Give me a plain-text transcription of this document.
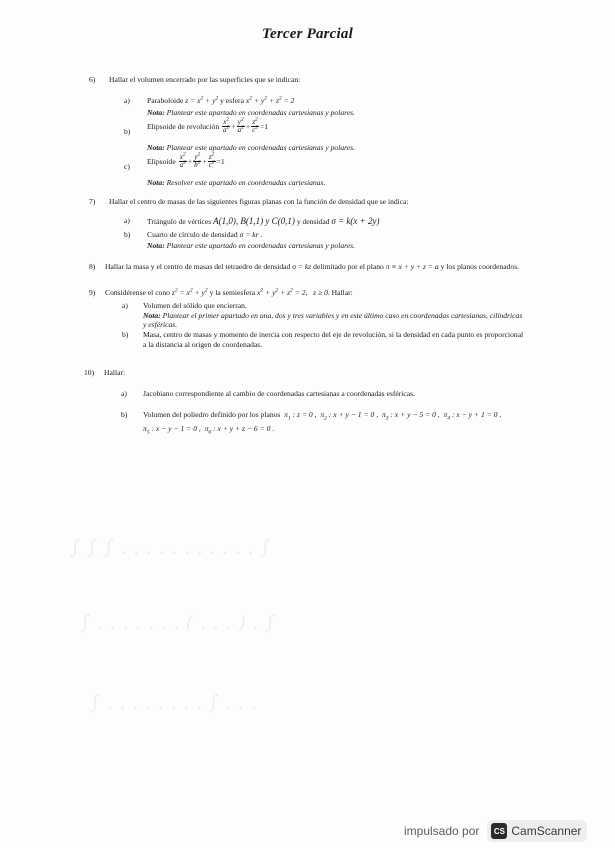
∫ ∫ ∫ . . . . . . . . . . . ∫
∫ . . . . . . . ( . . . ) . ∫
∫ . . . . . . . . ∫ . . .
Tercer Parcial
6) Hallar el volumen encerrado por las superficies que se indican:
a) Paraboloide $z = x^2 + y^2$ y esfera $x^2 + y^2 + z^2 = 2$
Nota: Plantear este apartado en coordenadas cartesianas y polares.
b)
Elipsoide de revolución $\frac{x^2}{a^2} + \frac{y^2}{a^2} + \frac{z^2}{c^2} =1$
Nota: Plantear este apartado en coordenadas cartesianas y polares.
c)
Elipsoide $\frac{x^2}{a^2} + \frac{y^2}{b^2} + \frac{z^2}{c^2} =1$
Nota: Resolver este apartado en coordenadas cartesianas.
7) Hallar el centro de masas de las siguientes figuras planas con la función de densidad que se indica:
a) Triángulo de vértices A(1,0), B(1,1) y C(0,1) y densidad σ = k(x + 2y)
b) Cuarto de círculo de densidad σ = kr .
Nota: Plantear este apartado en coordenadas cartesianas y polares.
8) Hallar la masa y el centro de masas del tetraedro de densidad σ = kz delimitado por el plano π ≡ x + y + z = a y los planos coordenados.
9) Considérense el cono $z^2 = x^2 + y^2$ y la semiesfera $x^2 + y^2 + z^2 = 2$,   z ≥ 0. Hallar:
a) Volumen del sólido que encierran.
Nota: Plantear el primer apartado en una, dos y tres variables y en este último caso en coordenadas cartesianas, cilíndricas
y esféricas.
b) Masa, centro de masas y momento de inercia con respecto del eje de revolución, si la densidad en cada punto es proporcional
a la distancia al origen de coordenadas.
10) Hallar:
a) Jacobiano correspondiente al cambio de coordenadas cartesianas a coordenadas esféricas.
b) Volumen del poliedro definido por los planos $\pi_1$ : z = 0 ,  $\pi_2$ : x + y − 1 = 0 ,  $\pi_3$ : x + y − 5 = 0 ,  $\pi_4$ : x − y + 1 = 0 ,
$\pi_5$ : x − y − 1 = 0 ,  $\pi_6$ : x + y + z − 6 = 0 .
impulsado por	CS CamScanner
